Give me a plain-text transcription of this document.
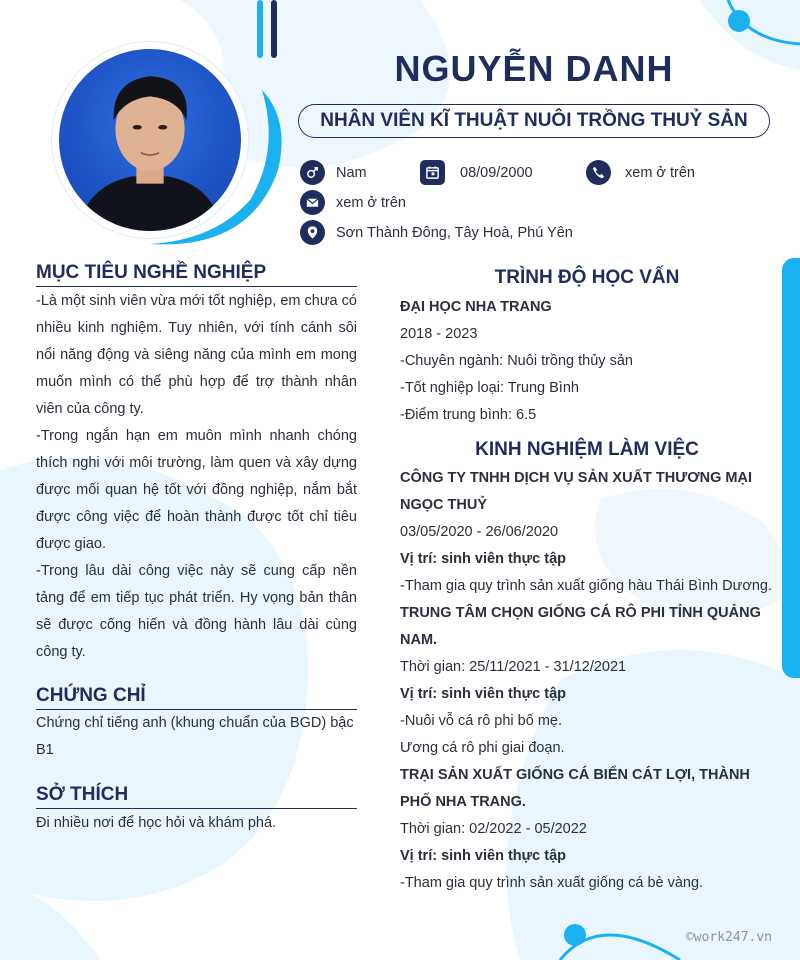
NGUYỄN DANH
NHÂN VIÊN KĨ THUẬT NUÔI TRỒNG THUỶ SẢN
Nam	08/09/2000	xem ở trên
xem ở trên
Sơn Thành Đông, Tây Hoà, Phú Yên
MỤC TIÊU NGHỀ NGHIỆP

-Là một sinh viên vừa mới tốt nghiệp, em chưa có nhiều kinh nghiệm. Tuy nhiên, với tính cánh sôi nổi năng động và siêng năng của mình em mong muốn mình có thể phù hợp để trợ thành nhân viên của công ty.

-Trong ngắn hạn em muôn mình nhanh chóng thích nghi với môi trường, làm quen và xây dựng được mối quan hệ tốt với đồng nghiệp, nắm bắt được công việc để hoàn thành được tốt chỉ tiêu được giao.

-Trong lâu dài công việc này sẽ cung cấp nền tảng để em tiếp tục phát triển. Hy vọng bản thân sẽ được cống hiến và đồng hành lâu dài cùng công ty.

CHỨNG CHỈ
Chứng chỉ tiếng anh (khung chuẩn của BGD) bậc B1
SỞ THÍCH
Đi nhiều nơi để học hỏi và khám phá.
TRÌNH ĐỘ HỌC VẤN
ĐẠI HỌC NHA TRANG
2018 - 2023
-Chuyên ngành: Nuôi trồng thủy sản
-Tốt nghiệp loại: Trung Bình
-Điểm trung bình: 6.5
KINH NGHIỆM LÀM VIỆC
CÔNG TY TNHH DỊCH VỤ SẢN XUẤT THƯƠNG MẠI NGỌC THUỶ
03/05/2020 - 26/06/2020
Vị trí: sinh viên thực tập
-Tham gia quy trình sản xuất giống hàu Thái Bình Dương.
TRUNG TÂM CHỌN GIỐNG CÁ RÔ PHI TỈNH QUẢNG NAM.
Thời gian: 25/11/2021 - 31/12/2021
Vị trí: sinh viên thực tập
-Nuôi vỗ cá rô phi bố mẹ.
Ương cá rô phi giai đoạn.
TRẠI SẢN XUẤT GIỐNG CÁ BIỂN CÁT LỢI, THÀNH PHỐ NHA TRANG.
Thời gian: 02/2022 - 05/2022
Vị trí: sinh viên thực tập
-Tham gia quy trình sản xuất giống cá bè vàng.
©work247.vn
